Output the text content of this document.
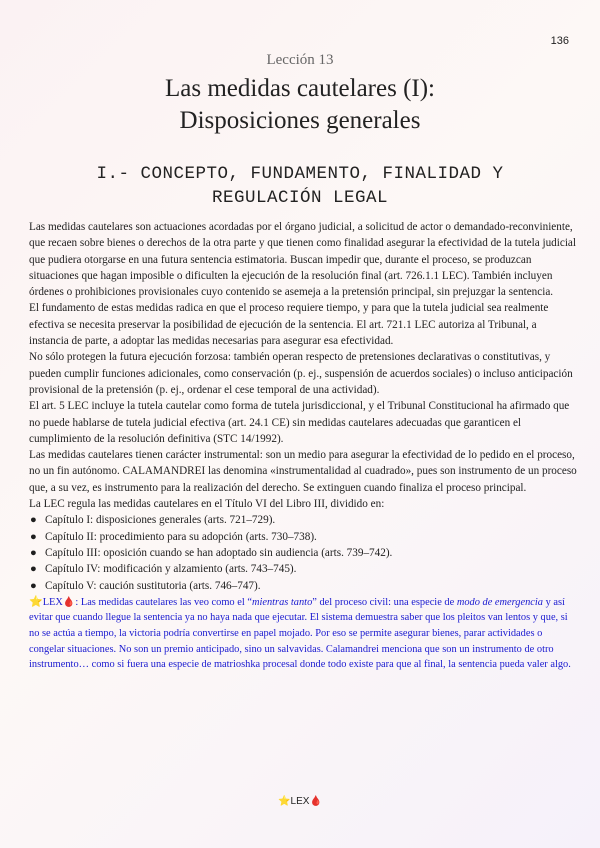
136
Lección 13
Las medidas cautelares (I):
Disposiciones generales
I.- CONCEPTO, FUNDAMENTO, FINALIDAD Y
REGULACIÓN LEGAL

Las medidas cautelares son actuaciones acordadas por el órgano judicial, a solicitud de actor o demandado-reconviniente, que recaen sobre bienes o derechos de la otra parte y que tienen como finalidad asegurar la efectividad de la tutela judicial que pudiera otorgarse en una futura sentencia estimatoria. Buscan impedir que, durante el proceso, se produzcan situaciones que hagan imposible o dificulten la ejecución de la resolución final (art. 726.1.1 LEC). También incluyen órdenes o prohibiciones provisionales cuyo contenido se asemeja a la pretensión principal, sin prejuzgar la sentencia.

El fundamento de estas medidas radica en que el proceso requiere tiempo, y para que la tutela judicial sea realmente efectiva se necesita preservar la posibilidad de ejecución de la sentencia. El art. 721.1 LEC autoriza al Tribunal, a instancia de parte, a adoptar las medidas necesarias para asegurar esa efectividad.

No sólo protegen la futura ejecución forzosa: también operan respecto de pretensiones declarativas o constitutivas, y pueden cumplir funciones adicionales, como conservación (p. ej., suspensión de acuerdos sociales) o incluso anticipación provisional de la pretensión (p. ej., ordenar el cese temporal de una actividad).

El art. 5 LEC incluye la tutela cautelar como forma de tutela jurisdiccional, y el Tribunal Constitucional ha afirmado que no puede hablarse de tutela judicial efectiva (art. 24.1 CE) sin medidas cautelares adecuadas que garanticen el cumplimiento de la resolución definitiva (STC 14/1992).

Las medidas cautelares tienen carácter instrumental: son un medio para asegurar la efectividad de lo pedido en el proceso, no un fin autónomo. CALAMANDREI las denomina «instrumentalidad al cuadrado», pues son instrumento de un proceso que, a su vez, es instrumento para la realización del derecho. Se extinguen cuando finaliza el proceso principal.

La LEC regula las medidas cautelares en el Título VI del Libro III, dividido en:

● Capítulo I: disposiciones generales (arts. 721–729).
● Capítulo II: procedimiento para su adopción (arts. 730–738).
● Capítulo III: oposición cuando se han adoptado sin audiencia (arts. 739–742).
● Capítulo IV: modificación y alzamiento (arts. 743–745).
● Capítulo V: caución sustitutoria (arts. 746–747).

⭐LEX🩸: Las medidas cautelares las veo como el “mientras tanto” del proceso civil: una especie de modo de emergencia y así evitar que cuando llegue la sentencia ya no haya nada que ejecutar. El sistema demuestra saber que los pleitos van lentos y que, si no se actúa a tiempo, la victoria podría convertirse en papel mojado. Por eso se permite asegurar bienes, parar actividades o congelar situaciones. No son un premio anticipado, sino un salvavidas. Calamandrei menciona que son un instrumento de otro instrumento… como si fuera una especie de matrioshka procesal donde todo existe para que al final, la sentencia pueda valer algo.

⭐LEX🩸
